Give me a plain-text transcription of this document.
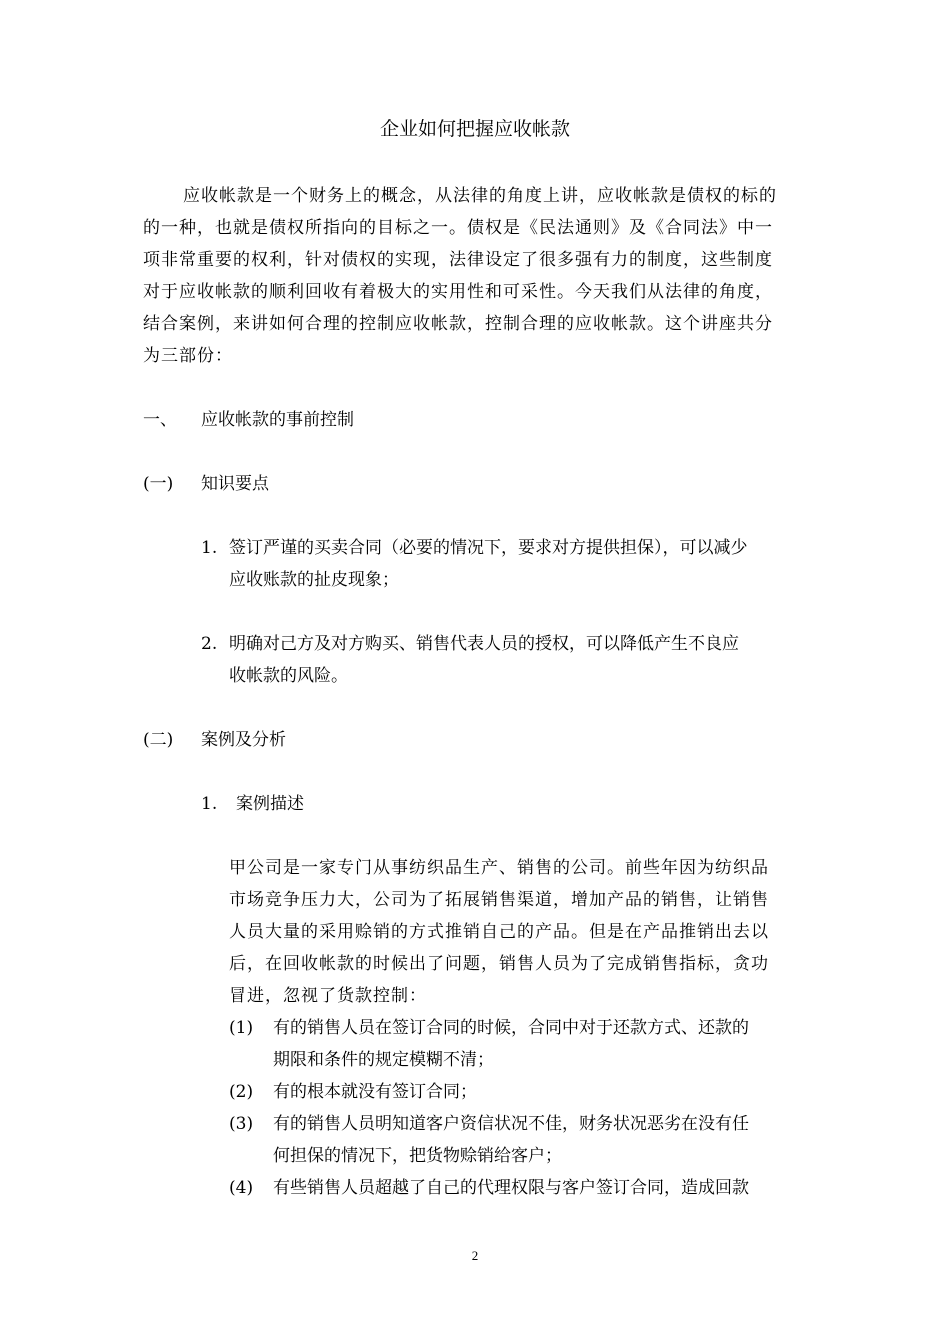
企业如何把握应收帐款
应收帐款是一个财务上的概念，从法律的角度上讲，应收帐款是债权的标的
的一种，也就是债权所指向的目标之一。债权是《民法通则》及《合同法》中一
项非常重要的权利，针对债权的实现，法律设定了很多强有力的制度，这些制度
对于应收帐款的顺利回收有着极大的实用性和可采性。今天我们从法律的角度，
结合案例，来讲如何合理的控制应收帐款，控制合理的应收帐款。这个讲座共分
为三部份：
一、 应收帐款的事前控制
(一) 知识要点
1. 签订严谨的买卖合同（必要的情况下，要求对方提供担保），可以减少
应收账款的扯皮现象；
2. 明确对己方及对方购买、销售代表人员的授权，可以降低产生不良应
收帐款的风险。
(二) 案例及分析
1. 案例描述
甲公司是一家专门从事纺织品生产、销售的公司。前些年因为纺织品
市场竞争压力大，公司为了拓展销售渠道，增加产品的销售，让销售
人员大量的采用赊销的方式推销自己的产品。但是在产品推销出去以
后，在回收帐款的时候出了问题，销售人员为了完成销售指标，贪功
冒进，忽视了货款控制：
(1) 有的销售人员在签订合同的时候，合同中对于还款方式、还款的
期限和条件的规定模糊不清；
(2) 有的根本就没有签订合同；
(3) 有的销售人员明知道客户资信状况不佳，财务状况恶劣在没有任
何担保的情况下，把货物赊销给客户；
(4) 有些销售人员超越了自己的代理权限与客户签订合同，造成回款
2
